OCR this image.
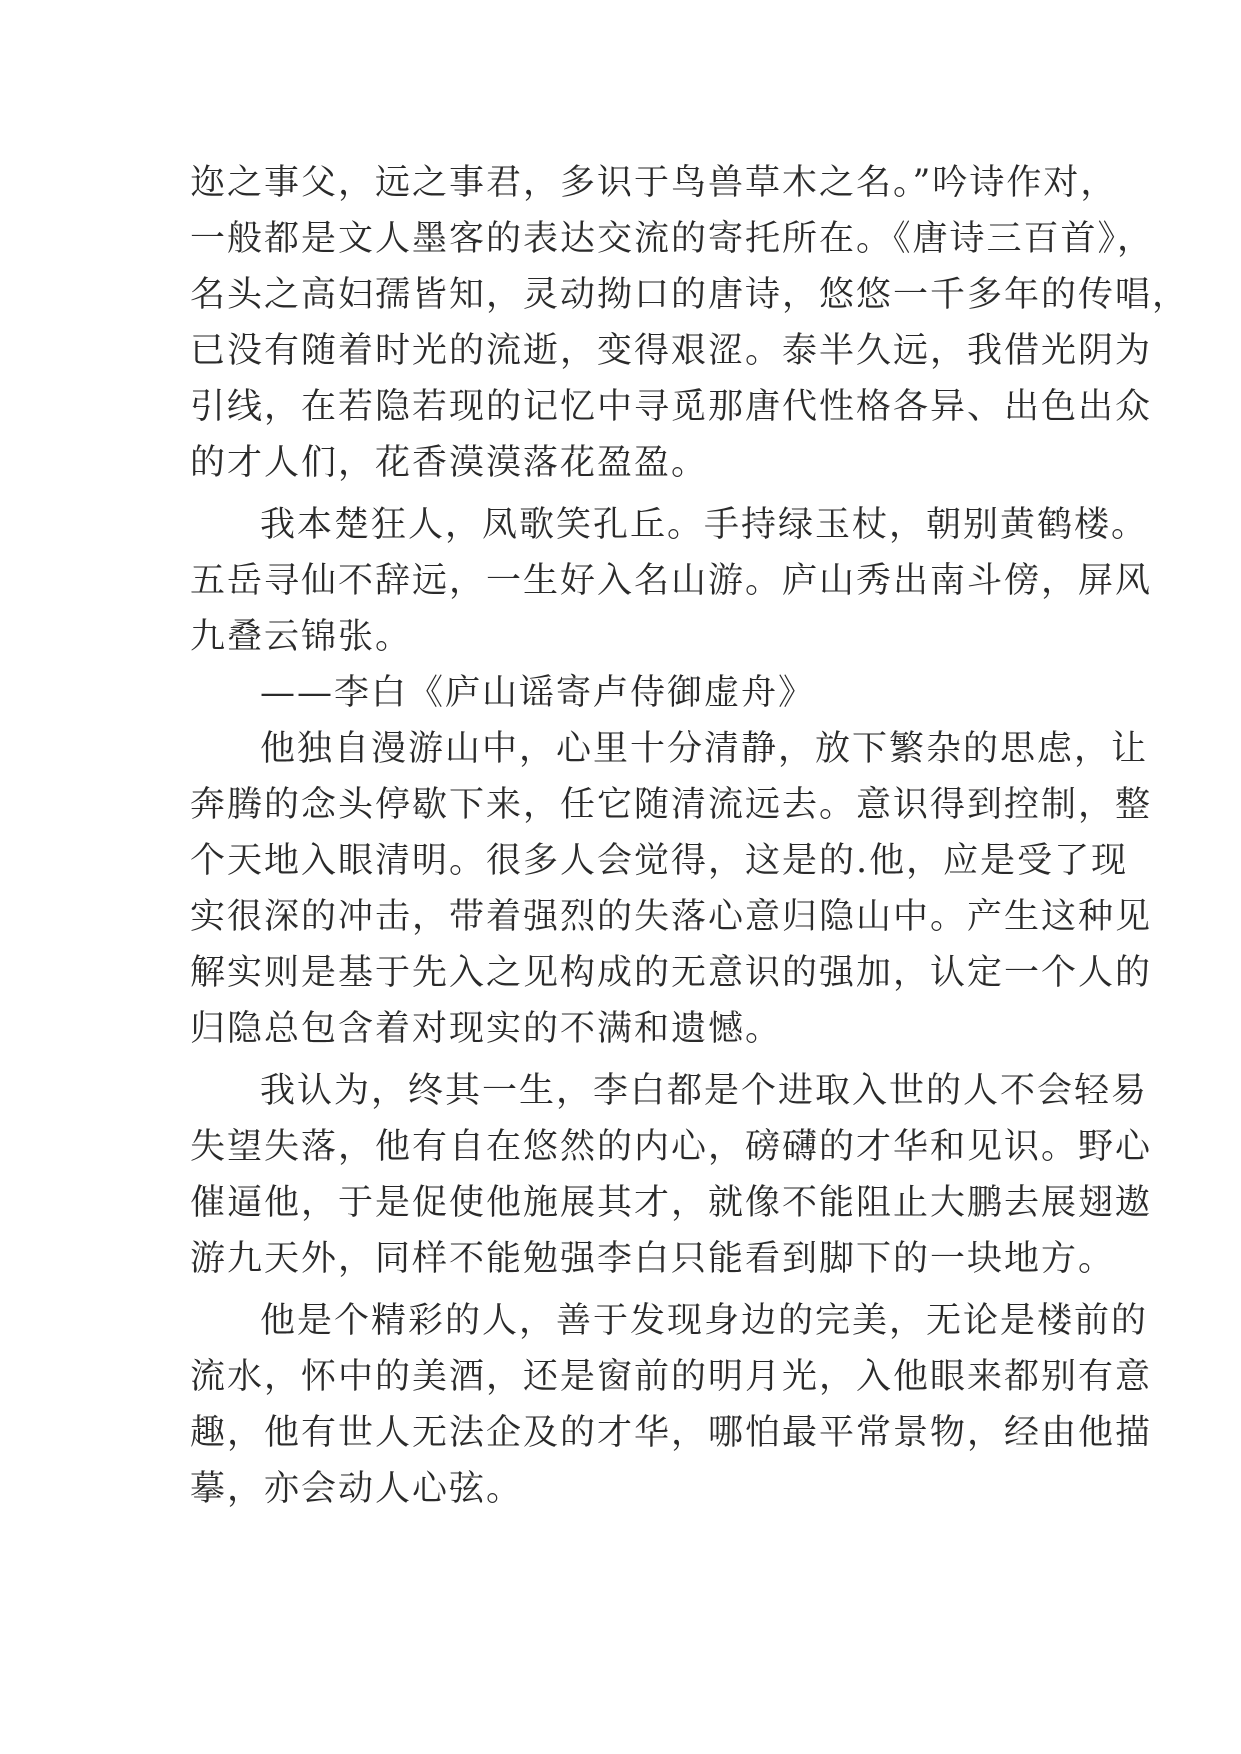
迩之事父，远之事君，多识于鸟兽草木之名。”吟诗作对，
一般都是文人墨客的表达交流的寄托所在。《唐诗三百首》，
名头之高妇孺皆知，灵动拗口的唐诗，悠悠一千多年的传唱，
已没有随着时光的流逝，变得艰涩。泰半久远，我借光阴为
引线，在若隐若现的记忆中寻觅那唐代性格各异、出色出众
的才人们，花香漠漠落花盈盈。
我本楚狂人，凤歌笑孔丘。手持绿玉杖，朝别黄鹤楼。
五岳寻仙不辞远，一生好入名山游。庐山秀出南斗傍，屏风
九叠云锦张。
——李白《庐山谣寄卢侍御虚舟》
他独自漫游山中，心里十分清静，放下繁杂的思虑，让
奔腾的念头停歇下来，任它随清流远去。意识得到控制，整
个天地入眼清明。很多人会觉得，这是的.他，应是受了现
实很深的冲击，带着强烈的失落心意归隐山中。产生这种见
解实则是基于先入之见构成的无意识的强加，认定一个人的
归隐总包含着对现实的不满和遗憾。
我认为，终其一生，李白都是个进取入世的人不会轻易
失望失落，他有自在悠然的内心，磅礴的才华和见识。野心
催逼他，于是促使他施展其才，就像不能阻止大鹏去展翅遨
游九天外，同样不能勉强李白只能看到脚下的一块地方。
他是个精彩的人，善于发现身边的完美，无论是楼前的
流水，怀中的美酒，还是窗前的明月光，入他眼来都别有意
趣，他有世人无法企及的才华，哪怕最平常景物，经由他描
摹，亦会动人心弦。
